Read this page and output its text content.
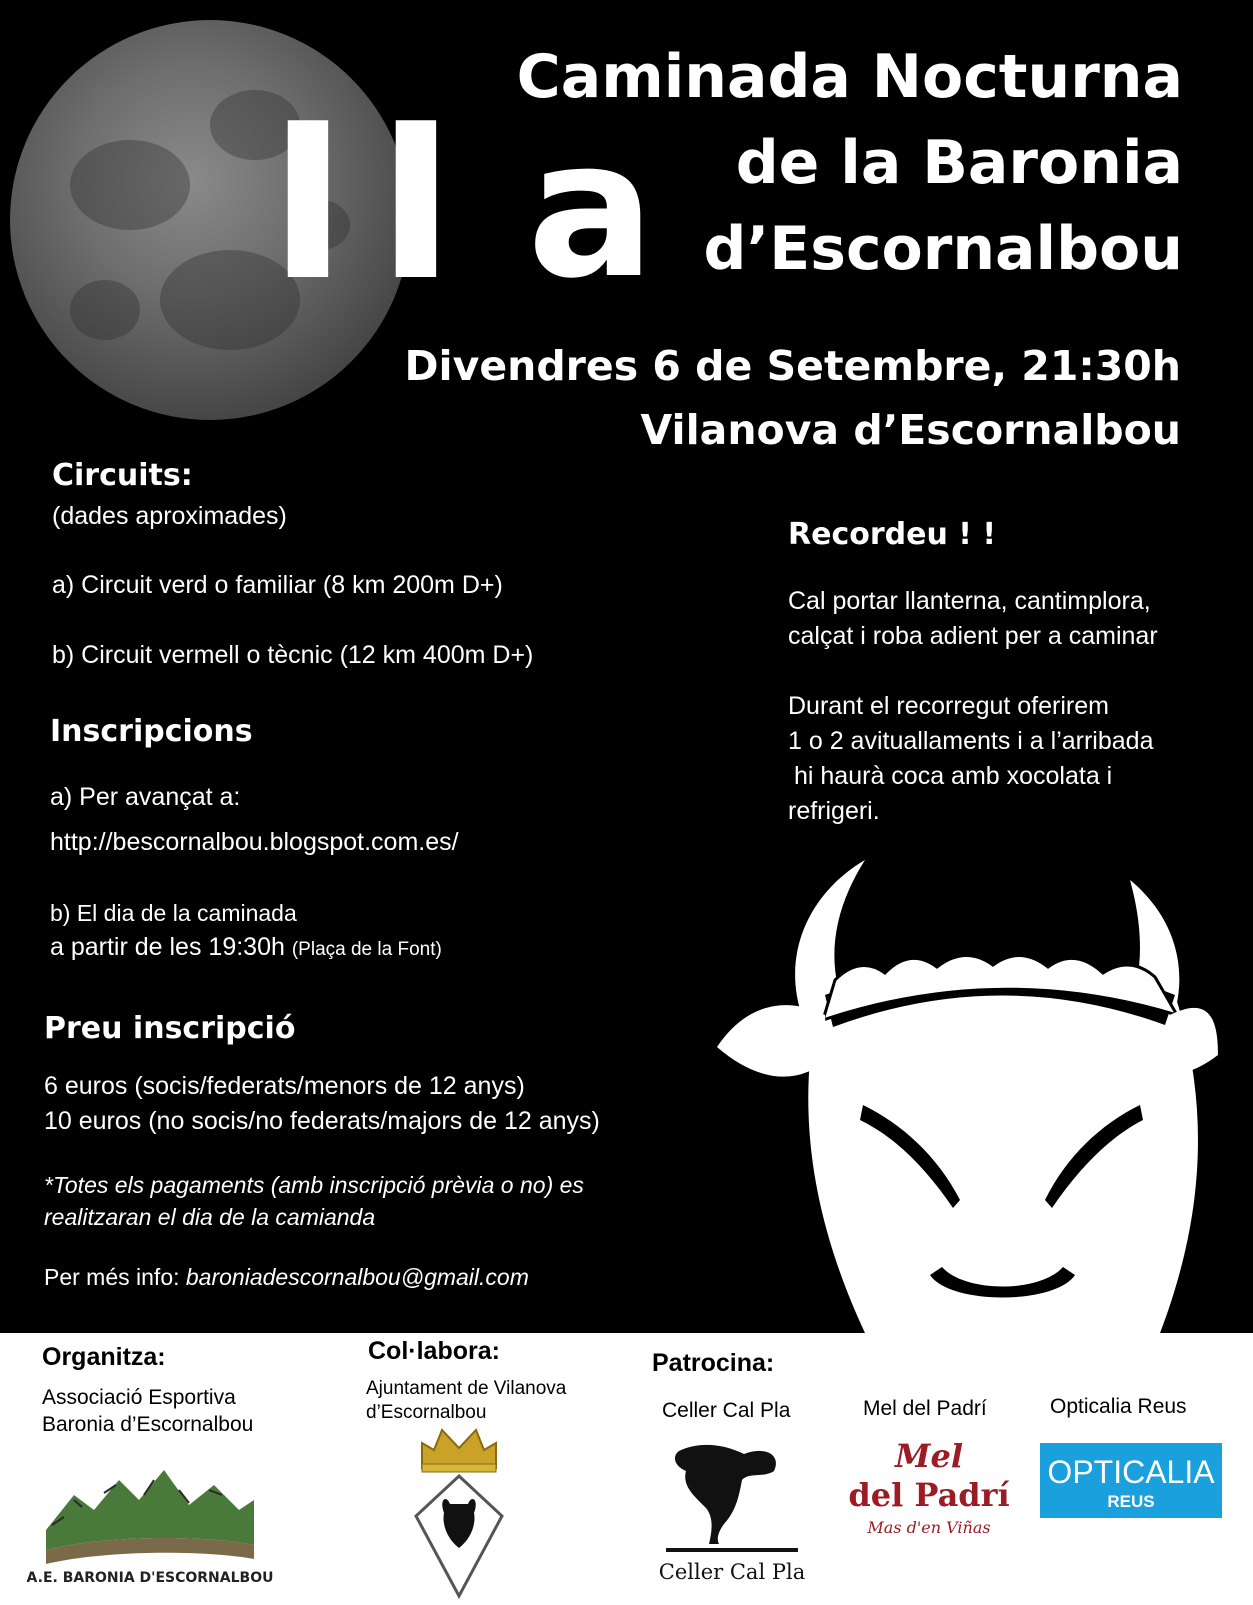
II a
Caminada Nocturna
de la Baronia
d’Escornalbou
Divendres 6 de Setembre, 21:30h
Vilanova d’Escornalbou
Circuits:
(dades aproximades)
a) Circuit verd o familiar (8 km 200m D+)
b) Circuit vermell o tècnic (12 km 400m D+)
Inscripcions
a) Per avançat a:
http://bescornalbou.blogspot.com.es/
b) El dia de la caminada
a partir de les 19:30h (Plaça de la Font)
Preu inscripció
6 euros (socis/federats/menors de 12 anys)
10 euros (no socis/no federats/majors de 12 anys)
*Totes els pagaments (amb inscripció prèvia o no) es
realitzaran el dia de la camianda
Per més info: baroniadescornalbou@gmail.com
Recordeu ! !
Cal portar llanterna, cantimplora,
calçat i roba adient per a caminar
Durant el recorregut oferirem
1 o 2 avituallaments i a l’arribada
hi haurà coca amb xocolata i
refrigeri.
Organitza:
Associació Esportiva
Baronia d’Escornalbou
A.E. BARONIA D'ESCORNALBOU
Col·labora:
Ajuntament de Vilanova
d’Escornalbou
Patrocina:
Celler Cal Pla
Celler Cal Pla
Mel del Padrí
Mel
del Padrí
Mas d'en Viñas
Opticalia Reus
OPTICALIA
REUS
